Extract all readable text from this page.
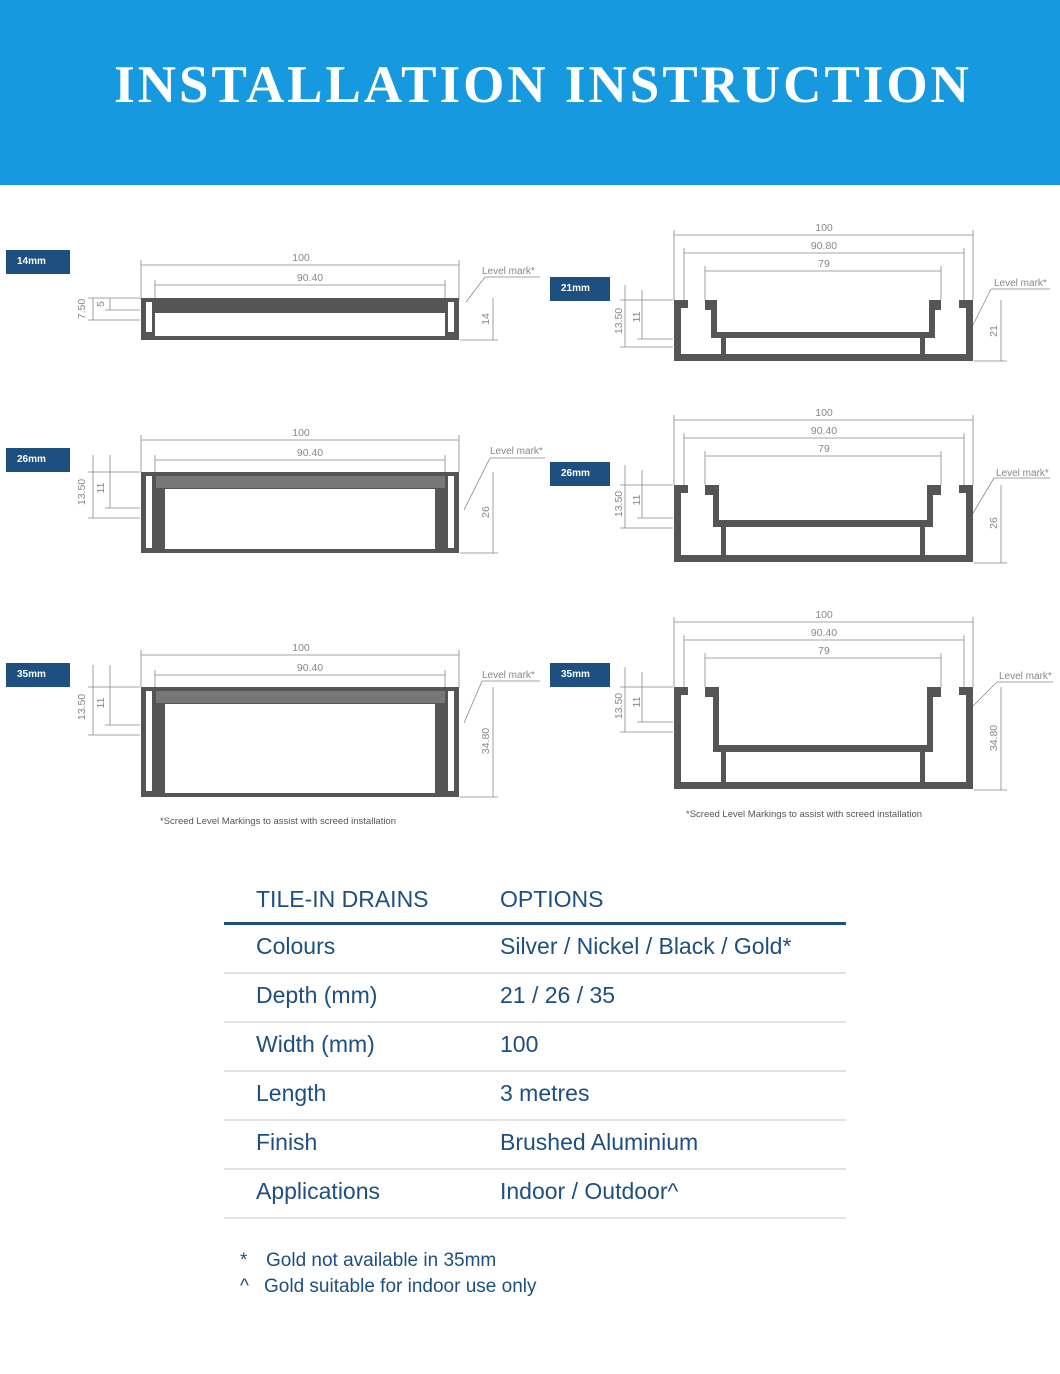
INSTALLATION INSTRUCTION
14mm	100
90.40
Level mark*
7.50 5
14
26mm
100
90.40	Level mark*
13.50 11
26
35mm
100
90.40
Level mark*
13.50 11
34.80
*Screed Level Markings to assist with screed installation
21mm
100
90.80
79
Level mark*
13.50 11
21
26mm
100
90.40
79
Level mark*
13.50 11
26
35mm
100
90.40
79
Level mark*
13.50 11
34.80
*Screed Level Markings to assist with screed installation
TILE-IN DRAINS	OPTIONS
Colours	Silver / Nickel / Black / Gold*
Depth (mm)	21 / 26 / 35
Width (mm)	100
Length	3 metres
Finish	Brushed Aluminium
Applications	Indoor / Outdoor^
* Gold not available in 35mm
^ Gold suitable for indoor use only
